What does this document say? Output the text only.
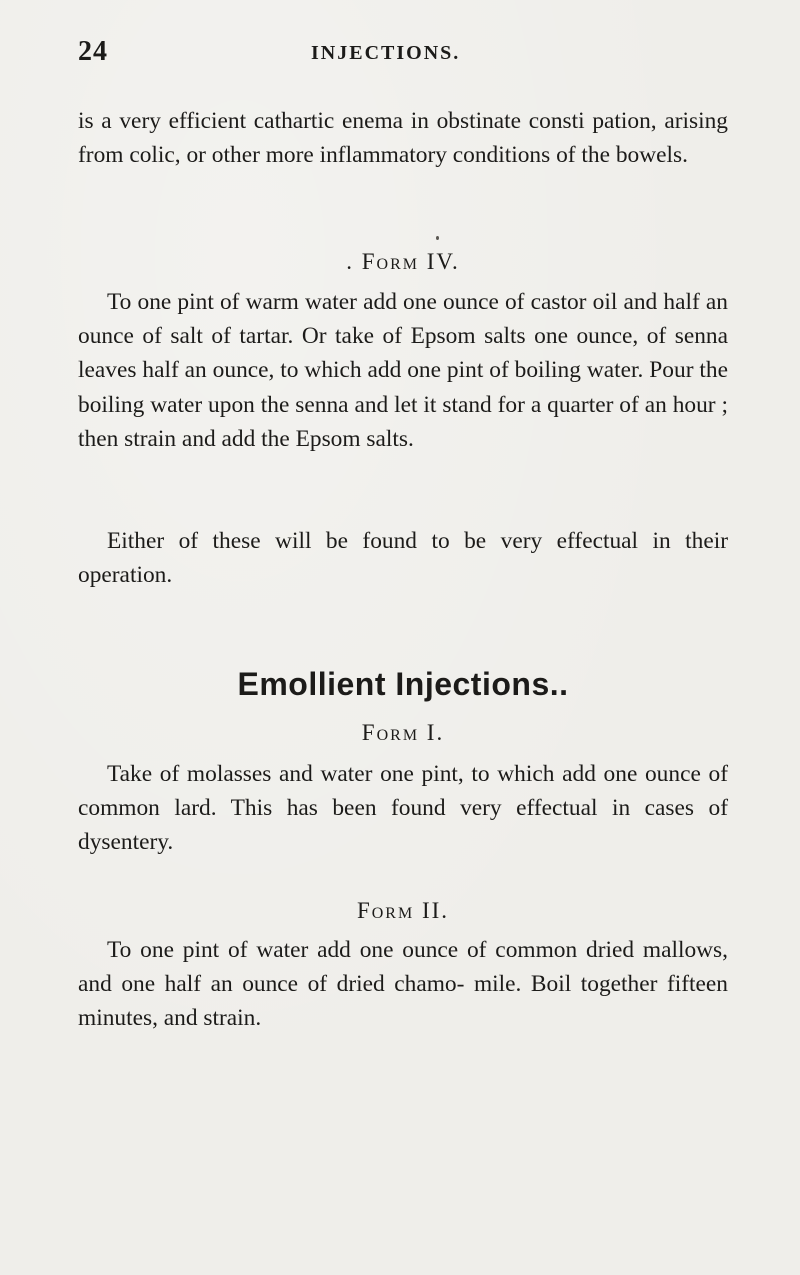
24	INJECTIONS.

is a very efficient cathartic enema in obstinate consti pation, arising from colic, or other more inflammatory conditions of the bowels.

. Form IV.

To one pint of warm water add one ounce of castor oil and half an ounce of salt of tartar. Or take of Epsom salts one ounce, of senna leaves half an ounce, to which add one pint of boiling water. Pour the boiling water upon the senna and let it stand for a quarter of an hour ; then strain and add the Epsom salts.

Either of these will be found to be very effectual in their operation.

Emollient Injections..

Form I.

Take of molasses and water one pint, to which add one ounce of common lard. This has been found very effectual in cases of dysentery.

Form II.

To one pint of water add one ounce of common dried mallows, and one half an ounce of dried chamo- mile. Boil together fifteen minutes, and strain.
